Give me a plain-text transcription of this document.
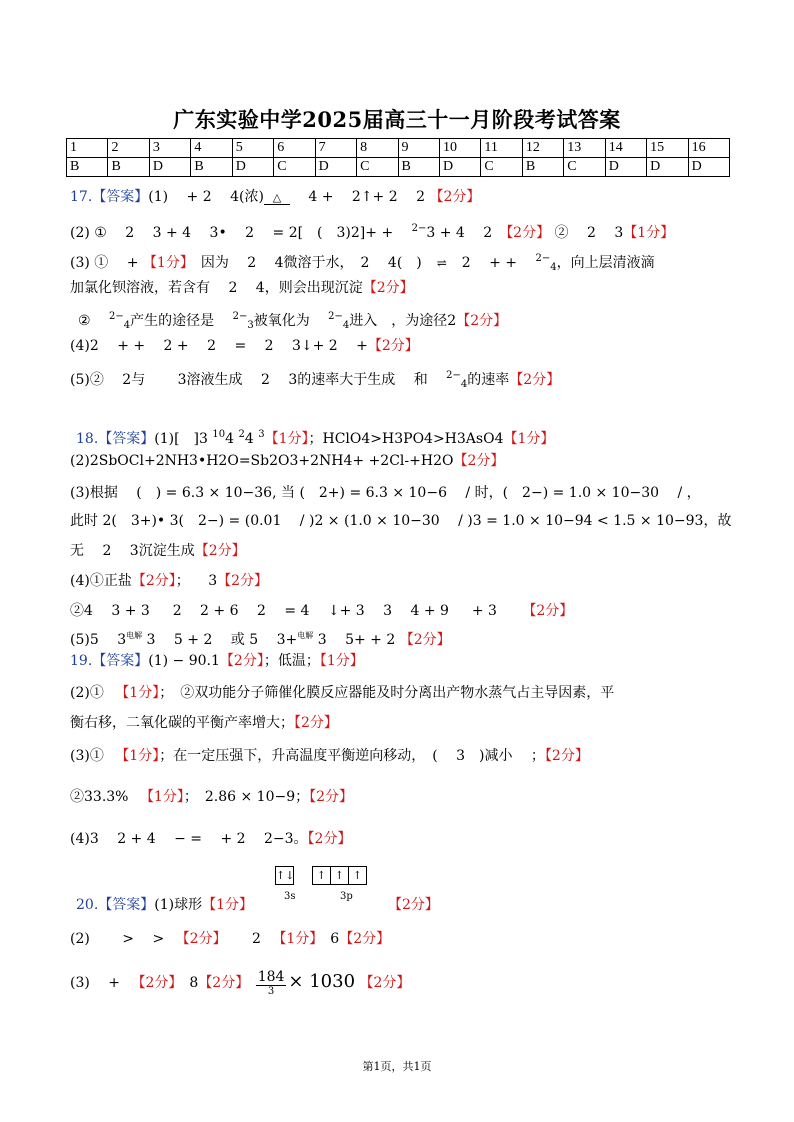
广东实验中学2025届高三十一月阶段考试答案
1	2	3	4	5	6	7	8	9	10	11	12	13	14	15	16
B	B	D	B	D	C	D	C	B	D	C	B	C	D	D	D
17.【答案】(1)　 + 2 　4(浓) △ 　4 + 　2↑+ 2 　2 【2分】
(2) ① 　2 　3 + 4 　3• 　2 　= 2[　(　3)2]+ + 　$^{2-}$3 + 4 　2　【2分】 ② 　2 　3【1分】
(3) ① 　+ 【1分】　因为 　2 　4微溶于水，　2 　4(　) ⇌ 2 　+ + 　$^{2-}_4$，向上层清液滴
加氯化钡溶液，若含有 　2 　4，则会出现沉淀【2分】
② 　$^{2-}_4$产生的途径是 　$^{2-}_3$被氧化为 　$^{2-}_4$进入　，为途径2【2分】
(4)2 　+ + 　2 + 　2 　= 　2 　3↓+ 2 　+【2分】
(5)② 　2与 　　3溶液生成 　2 　3的速率大于生成 　和 　$^{2-}_4$的速率【2分】
18.【答案】(1)[　]3 $^{10}$4 $^2$4 $^3$【1分】；HClO4>H3PO4>H3AsO4【1分】
(2)2SbOCl+2NH3•H2O=Sb2O3+2NH4+ +2Cl-+H2O【2分】
(3)根据 　(　) = 6.3 × 10−36, 当 (　2+) = 6.3 × 10−6　 / 时，(　2−) = 1.0 × 10−30　 / ，
此时 2(　3+)• 3(　2−) = (0.01　 / )2 × (1.0 × 10−30　 / )3 = 1.0 × 10−94 < 1.5 × 10−93，故
无 　2 　3沉淀生成【2分】
(4)①正盐【2分】； 　3【2分】
②4 　3 + 3 　 2 　2 + 6 　2 　= 4 　↓+ 3 　3 　4 + 9 　 + 3 　　【2分】
(5)5 　$3^{电解}$ 3 　5 + 2 　或 5 　3+$^{电解}$ 3 　5+ + 2 【2分】
19.【答案】(1) − 90.1【2分】；低温；【1分】
(2)① 　【1分】；　②双功能分子筛催化膜反应器能及时分离出产物水蒸气占主导因素，平
衡右移，二氧化碳的平衡产率增大；【2分】
(3)① 　【1分】；在一定压强下，升高温度平衡逆向移动，　(　 3　)减小 　；【2分】
②33.3% 　【1分】；　2.86 × 10−9；【2分】
(4)3 　2 + 4 　− = 　+ 2 　2−3。【2分】
↑↓ ↑ ↑ ↑
3s	3p
20.【答案】(1)球形【1分】	【2分】
(2) 　　> 　> 　【2分】　 　2 　【1分】　6【2分】
(3) 　+ 　【2分】　8【2分】 $\frac{184}{3} \times 1030$ 【2分】
第1页，共1页
